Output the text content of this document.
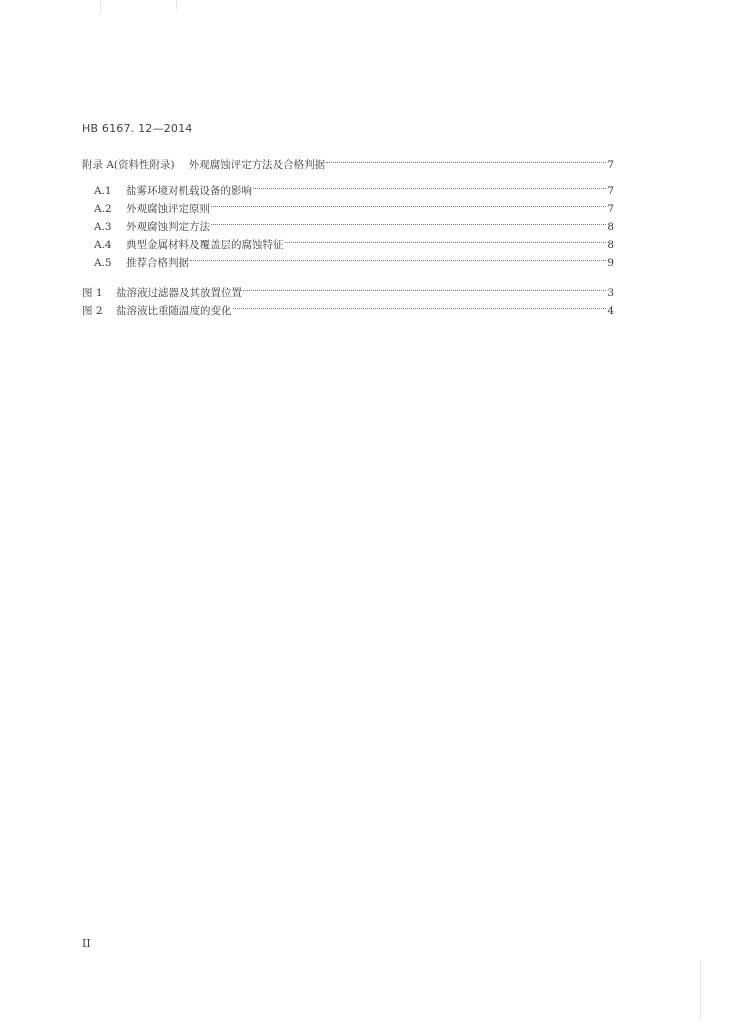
HB 6167. 12—2014
附录 A(资料性附录) 外观腐蚀评定方法及合格判据	7
A.1	盐雾环境对机载设备的影响	7
A.2	外观腐蚀评定原则	7
A.3	外观腐蚀判定方法	8
A.4	典型金属材料及覆盖层的腐蚀特征	8
A.5	推荐合格判据	9
图 1	盐溶液过滤器及其放置位置	3
图 2	盐溶液比重随温度的变化	4
II
